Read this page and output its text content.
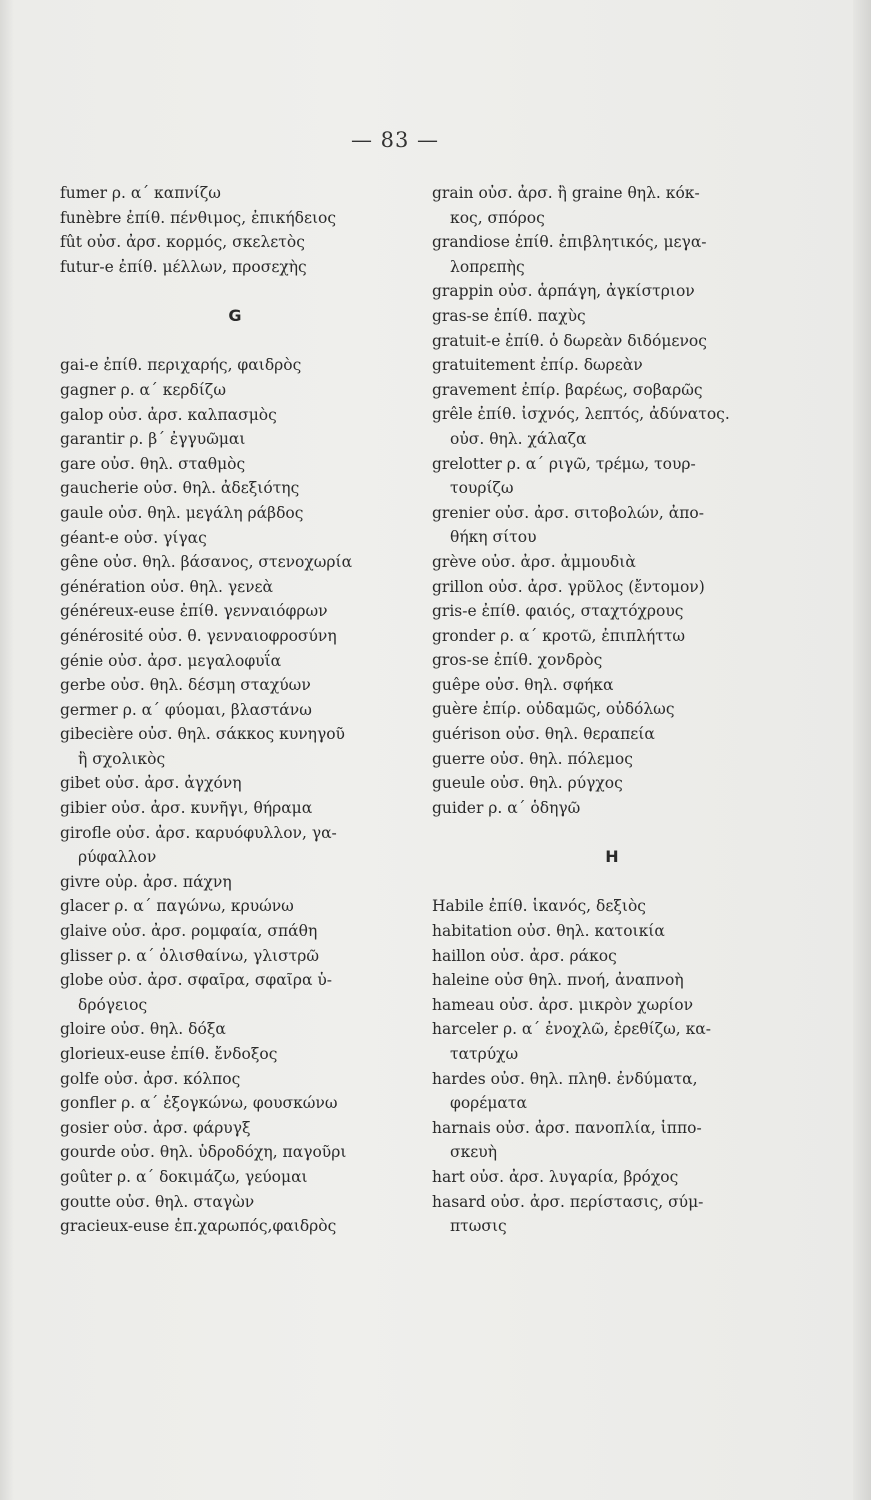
— 83 —
fumer ρ. α΄ καπνίζω
funèbre ἐπίθ. πένθιμος, ἐπικήδειος
fût οὐσ. ἀρσ. κορμός, σκελετὸς
futur-e ἐπίθ. μέλλων, προσεχὴς
G
gai-e ἐπίθ. περιχαρής, φαιδρὸς
gagner ρ. α΄ κερδίζω
galop οὐσ. ἀρσ. καλπασμὸς
garantir ρ. β΄ ἐγγυῶμαι
gare οὐσ. θηλ. σταθμὸς
gaucherie οὐσ. θηλ. ἀδεξιότης
gaule οὐσ. θηλ. μεγάλη ράβδος
géant-e οὐσ. γίγας
gêne οὐσ. θηλ. βάσανος, στενοχωρία
génération οὐσ. θηλ. γενεὰ
généreux-euse ἐπίθ. γενναιόφρων
générosité οὐσ. θ. γενναιοφροσύνη
génie οὐσ. ἀρσ. μεγαλοφυΐα
gerbe οὐσ. θηλ. δέσμη σταχύων
germer ρ. α΄ φύομαι, βλαστάνω
gibecière οὐσ. θηλ. σάκκος κυνηγοῦ
ἢ σχολικὸς
gibet οὐσ. ἀρσ. ἀγχόνη
gibier οὐσ. ἀρσ. κυνῆγι, θήραμα
girofle οὐσ. ἀρσ. καρυόφυλλον, γα-
ρύφαλλον
givre οὐρ. ἀρσ. πάχνη
glacer ρ. α΄ παγώνω, κρυώνω
glaive οὐσ. ἀρσ. ρομφαία, σπάθη
glisser ρ. α΄ ὀλισθαίνω, γλιστρῶ
globe οὐσ. ἀρσ. σφαῖρα, σφαῖρα ὑ-
δρόγειος
gloire οὐσ. θηλ. δόξα
glorieux-euse ἐπίθ. ἔνδοξος
golfe οὐσ. ἀρσ. κόλπος
gonfler ρ. α΄ ἐξογκώνω, φουσκώνω
gosier οὐσ. ἀρσ. φάρυγξ
gourde οὐσ. θηλ. ὑδροδόχη, παγοῦρι
goûter ρ. α΄ δοκιμάζω, γεύομαι
goutte οὐσ. θηλ. σταγὼν
gracieux-euse ἐπ.χαρωπός,φαιδρὸς
grain οὐσ. ἀρσ. ἢ graine θηλ. κόκ-
κος, σπόρος
grandiose ἐπίθ. ἐπιβλητικός, μεγα-
λοπρεπὴς
grappin οὐσ. ἁρπάγη, ἀγκίστριον
gras-se ἐπίθ. παχὺς
gratuit-e ἐπίθ. ὁ δωρεὰν διδόμενος
gratuitement ἐπίρ. δωρεὰν
gravement ἐπίρ. βαρέως, σοβαρῶς
grêle ἐπίθ. ἰσχνός, λεπτός, ἀδύνατος.
οὐσ. θηλ. χάλαζα
grelotter ρ. α΄ ριγῶ, τρέμω, τουρ-
τουρίζω
grenier οὐσ. ἀρσ. σιτοβολών, ἀπο-
θήκη σίτου
grève οὐσ. ἀρσ. ἀμμουδιὰ
grillon οὐσ. ἀρσ. γρῦλος (ἔντομον)
gris-e ἐπίθ. φαιός, σταχτόχρους
gronder ρ. α΄ κροτῶ, ἐπιπλήττω
gros-se ἐπίθ. χονδρὸς
guêpe οὐσ. θηλ. σφήκα
guère ἐπίρ. οὐδαμῶς, οὐδόλως
guérison οὐσ. θηλ. θεραπεία
guerre οὐσ. θηλ. πόλεμος
gueule οὐσ. θηλ. ρύγχος
guider ρ. α΄ ὁδηγῶ
H
Habile ἐπίθ. ἱκανός, δεξιὸς
habitation οὐσ. θηλ. κατοικία
haillon οὐσ. ἀρσ. ράκος
haleine οὐσ θηλ. πνοή, ἀναπνοὴ
hameau οὐσ. ἀρσ. μικρὸν χωρίον
harceler ρ. α΄ ἐνοχλῶ, ἐρεθίζω, κα-
τατρύχω
hardes οὐσ. θηλ. πληθ. ἐνδύματα,
φορέματα
harnais οὐσ. ἀρσ. πανοπλία, ἱππο-
σκευὴ
hart οὐσ. ἀρσ. λυγαρία, βρόχος
hasard οὐσ. ἀρσ. περίστασις, σύμ-
πτωσις
